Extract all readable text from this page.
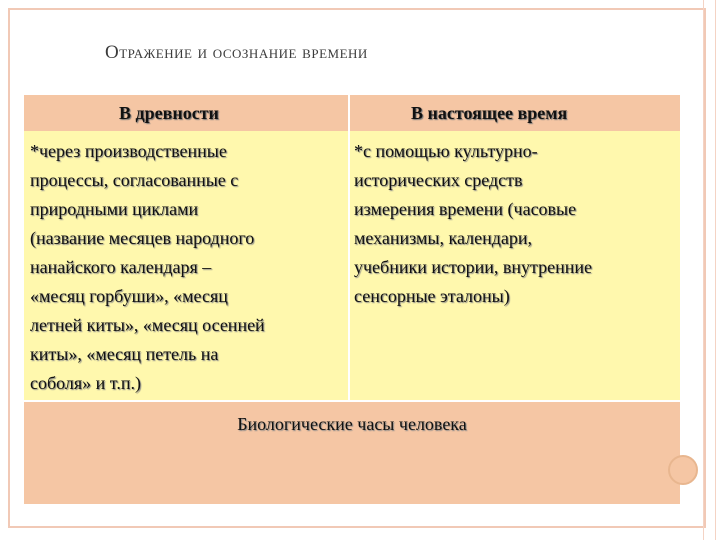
Отражение и осознание времени
В древности	В настоящее время
*через производственные
процессы, согласованные с
природными циклами
(название месяцев народного
нанайского календаря –
«месяц горбуши», «месяц
летней киты», «месяц осенней
киты», «месяц петель на
соболя» и т.п.)
*с помощью культурно-
исторических средств
измерения времени (часовые
механизмы, календари,
учебники истории, внутренние
сенсорные эталоны)
Биологические часы человека
